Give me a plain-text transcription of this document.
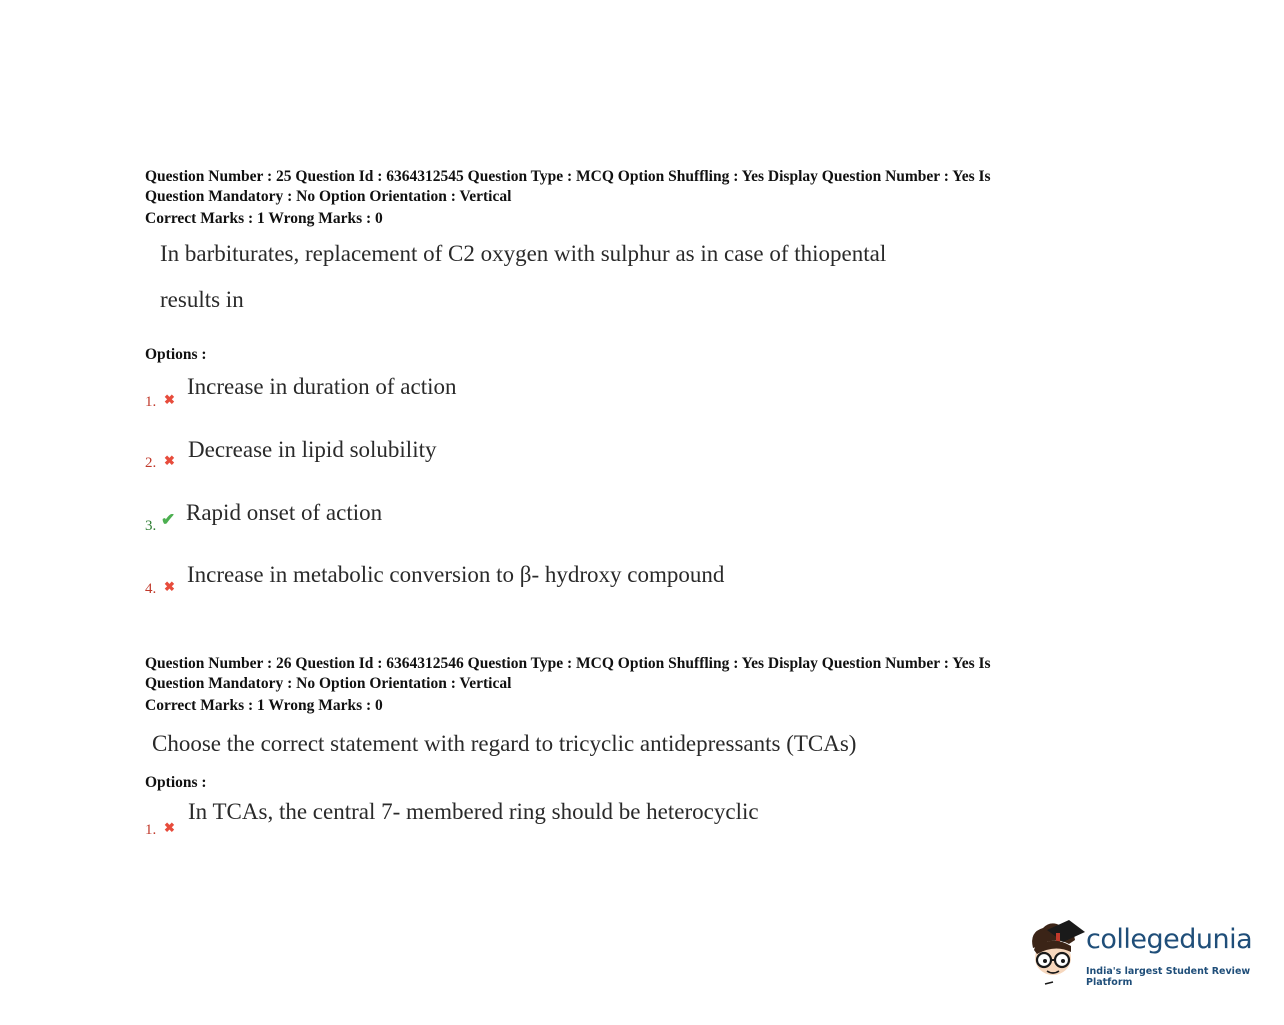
Question Number : 25 Question Id : 6364312545 Question Type : MCQ Option Shuffling : Yes Display Question Number : Yes Is
Question Mandatory : No Option Orientation : Vertical
Correct Marks : 1 Wrong Marks : 0
In barbiturates, replacement of C2 oxygen with sulphur as in case of thiopental
results in
Options :
1. ✖
Increase in duration of action
2. ✖ Decrease in lipid solubility
3. ✔ Rapid onset of action
4. ✖ Increase in metabolic conversion to β- hydroxy compound
Question Number : 26 Question Id : 6364312546 Question Type : MCQ Option Shuffling : Yes Display Question Number : Yes Is
Question Mandatory : No Option Orientation : Vertical
Correct Marks : 1 Wrong Marks : 0
Choose the correct statement with regard to tricyclic antidepressants (TCAs)
Options :
1. ✖
In TCAs, the central 7- membered ring should be heterocyclic
collegedunia
India's largest Student Review Platform
